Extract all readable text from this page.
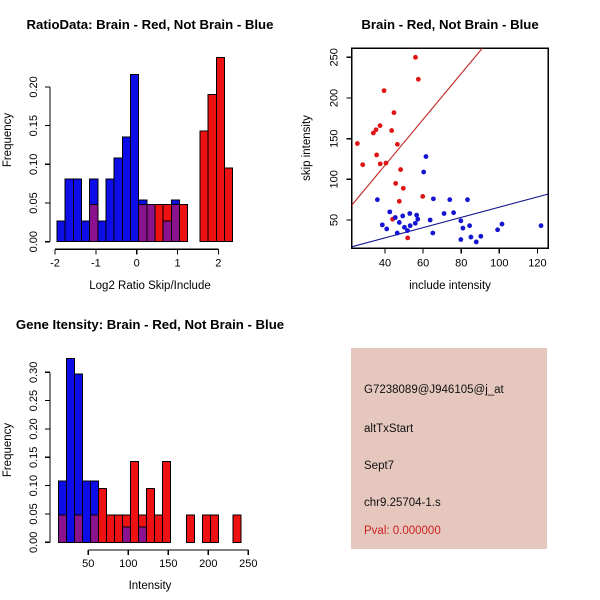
RatioData: Brain - Red, Not Brain - Blue
Frequency
Log2 Ratio Skip/Include
0.00
0.05
0.10
0.15
0.20
-2	-1	0	1	2
Brain - Red, Not Brain - Blue
skip intensity
include intensity
40 60 80 100 120
50
100
150
200
250
Gene Itensity: Brain - Red, Not Brain - Blue
Frequency
Intensity
0.00
0.05
0.10
0.15
0.20
0.25
0.30
50 100 150 200 250
G7238089@J946105@j_at
altTxStart
Sept7
chr9.25704-1.s
Pval: 0.000000
